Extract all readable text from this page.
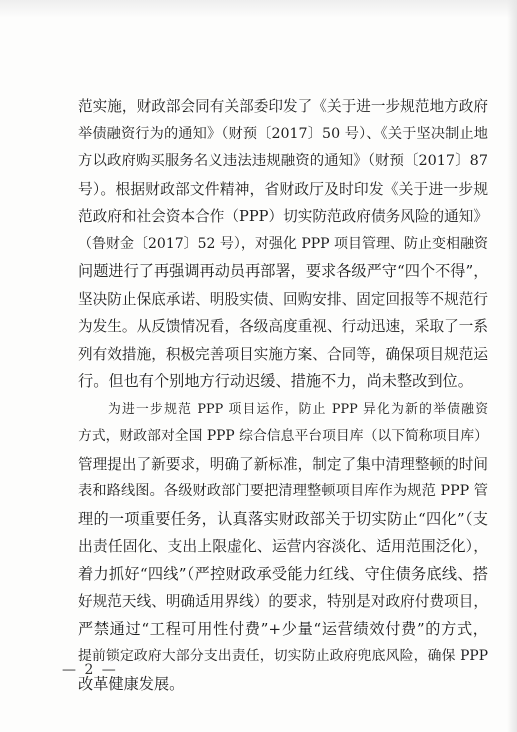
范实施，财政部会同有关部委印发了《关于进一步规范地方政府
举债融资行为的通知》（财预〔2017〕50 号）、《关于坚决制止地
方以政府购买服务名义违法违规融资的通知》（财预〔2017〕87
号）。根据财政部文件精神，省财政厅及时印发《关于进一步规
范政府和社会资本合作（PPP）切实防范政府债务风险的通知》
（鲁财金〔2017〕52 号），对强化 PPP 项目管理、防止变相融资
问题进行了再强调再动员再部署，要求各级严守“四个不得”，
坚决防止保底承诺、明股实债、回购安排、固定回报等不规范行
为发生。从反馈情况看，各级高度重视、行动迅速，采取了一系
列有效措施，积极完善项目实施方案、合同等，确保项目规范运
行。但也有个别地方行动迟缓、措施不力，尚未整改到位。
为进一步规范 PPP 项目运作，防止 PPP 异化为新的举债融资
方式，财政部对全国 PPP 综合信息平台项目库（以下简称项目库）
管理提出了新要求，明确了新标准，制定了集中清理整顿的时间
表和路线图。各级财政部门要把清理整顿项目库作为规范 PPP 管
理的一项重要任务，认真落实财政部关于切实防止“四化”（支
出责任固化、支出上限虚化、运营内容淡化、适用范围泛化），
着力抓好“四线”（严控财政承受能力红线、守住债务底线、搭
好规范天线、明确适用界线）的要求，特别是对政府付费项目，
严禁通过“工程可用性付费”+少量“运营绩效付费”的方式，
提前锁定政府大部分支出责任，切实防止政府兜底风险，确保 PPP
改革健康发展。
— 2 —
